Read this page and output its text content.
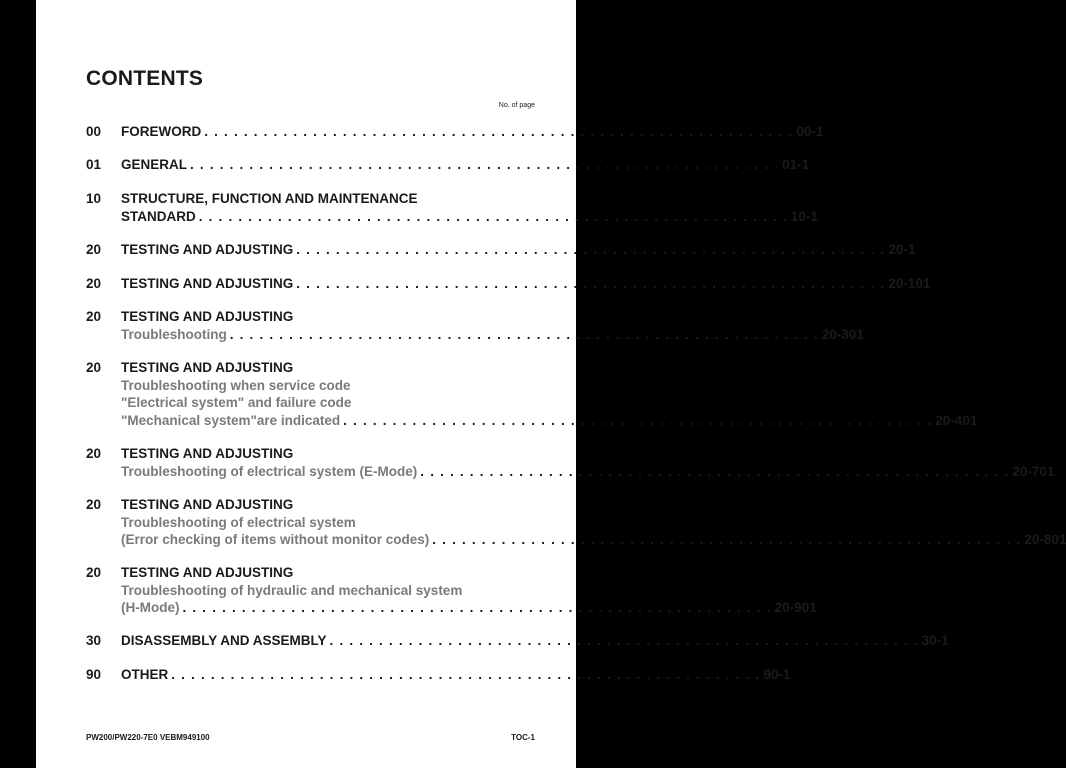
CONTENTS
No. of page
00	FOREWORD . . . . . . . . . . . . . . . . . . . . . . . . . . . . . . . . . . . . . . . . . . . . . . . . . . . . . . . . . . . . 00-1
01	GENERAL . . . . . . . . . . . . . . . . . . . . . . . . . . . . . . . . . . . . . . . . . . . . . . . . . . . . . . . . . . . . 01-1
10	STRUCTURE, FUNCTION AND MAINTENANCE
STANDARD . . . . . . . . . . . . . . . . . . . . . . . . . . . . . . . . . . . . . . . . . . . . . . . . . . . . . . . . . . . . 10-1
20	TESTING AND ADJUSTING . . . . . . . . . . . . . . . . . . . . . . . . . . . . . . . . . . . . . . . . . . . . . . . . . . . . . . . . . . . . 20-1
20	TESTING AND ADJUSTING . . . . . . . . . . . . . . . . . . . . . . . . . . . . . . . . . . . . . . . . . . . . . . . . . . . . . . . . . . . . 20-101
20	TESTING AND ADJUSTING
Troubleshooting . . . . . . . . . . . . . . . . . . . . . . . . . . . . . . . . . . . . . . . . . . . . . . . . . . . . . . . . . . . . 20-301
20	TESTING AND ADJUSTING
Troubleshooting when service code
"Electrical system" and failure code
"Mechanical system"are indicated . . . . . . . . . . . . . . . . . . . . . . . . . . . . . . . . . . . . . . . . . . . . . . . . . . . . . . . . . . . . 20-401
20	TESTING AND ADJUSTING
Troubleshooting of electrical system (E-Mode) . . . . . . . . . . . . . . . . . . . . . . . . . . . . . . . . . . . . . . . . . . . . . . . . . . . . . . . . . . . . 20-701
20	TESTING AND ADJUSTING
Troubleshooting of electrical system
(Error checking of items without monitor codes) . . . . . . . . . . . . . . . . . . . . . . . . . . . . . . . . . . . . . . . . . . . . . . . . . . . . . . . . . . . . 20-801
20	TESTING AND ADJUSTING
Troubleshooting of hydraulic and mechanical system
(H-Mode) . . . . . . . . . . . . . . . . . . . . . . . . . . . . . . . . . . . . . . . . . . . . . . . . . . . . . . . . . . . . 20-901
30	DISASSEMBLY AND ASSEMBLY . . . . . . . . . . . . . . . . . . . . . . . . . . . . . . . . . . . . . . . . . . . . . . . . . . . . . . . . . . . . 30-1
90	OTHER . . . . . . . . . . . . . . . . . . . . . . . . . . . . . . . . . . . . . . . . . . . . . . . . . . . . . . . . . . . . 90-1
PW200/PW220-7E0 VEBM949100	TOC-1
